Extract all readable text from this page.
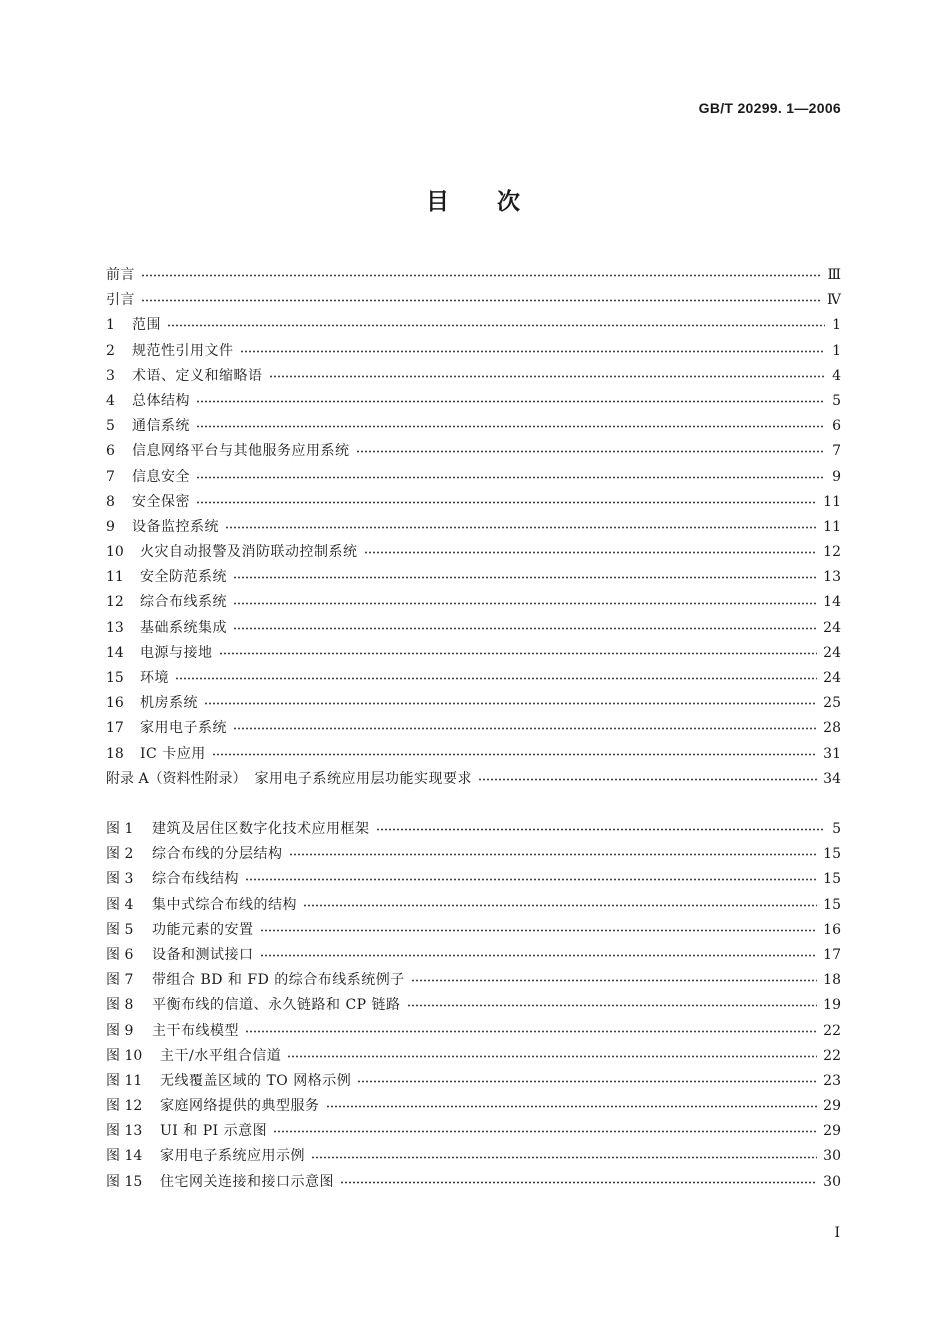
GB/T 20299. 1—2006
目 次
前言	Ⅲ
引言	Ⅳ
1 范围	1
2 规范性引用文件	1
3 术语、定义和缩略语	4
4 总体结构	5
5 通信系统	6
6 信息网络平台与其他服务应用系统	7
7 信息安全	9
8 安全保密	11
9 设备监控系统	11
10 火灾自动报警及消防联动控制系统	12
11 安全防范系统	13
12 综合布线系统	14
13 基础系统集成	24
14 电源与接地	24
15 环境	24
16 机房系统	25
17 家用电子系统	28
18 IC 卡应用	31
附录 A（资料性附录） 家用电子系统应用层功能实现要求	34
图 1 建筑及居住区数字化技术应用框架	5
图 2 综合布线的分层结构	15
图 3 综合布线结构	15
图 4 集中式综合布线的结构	15
图 5 功能元素的安置	16
图 6 设备和测试接口	17
图 7 带组合 BD 和 FD 的综合布线系统例子	18
图 8 平衡布线的信道、永久链路和 CP 链路	19
图 9 主干布线模型	22
图 10 主干/水平组合信道	22
图 11 无线覆盖区域的 TO 网格示例	23
图 12 家庭网络提供的典型服务	29
图 13 UI 和 PI 示意图	29
图 14 家用电子系统应用示例	30
图 15 住宅网关连接和接口示意图	30
Ⅰ
